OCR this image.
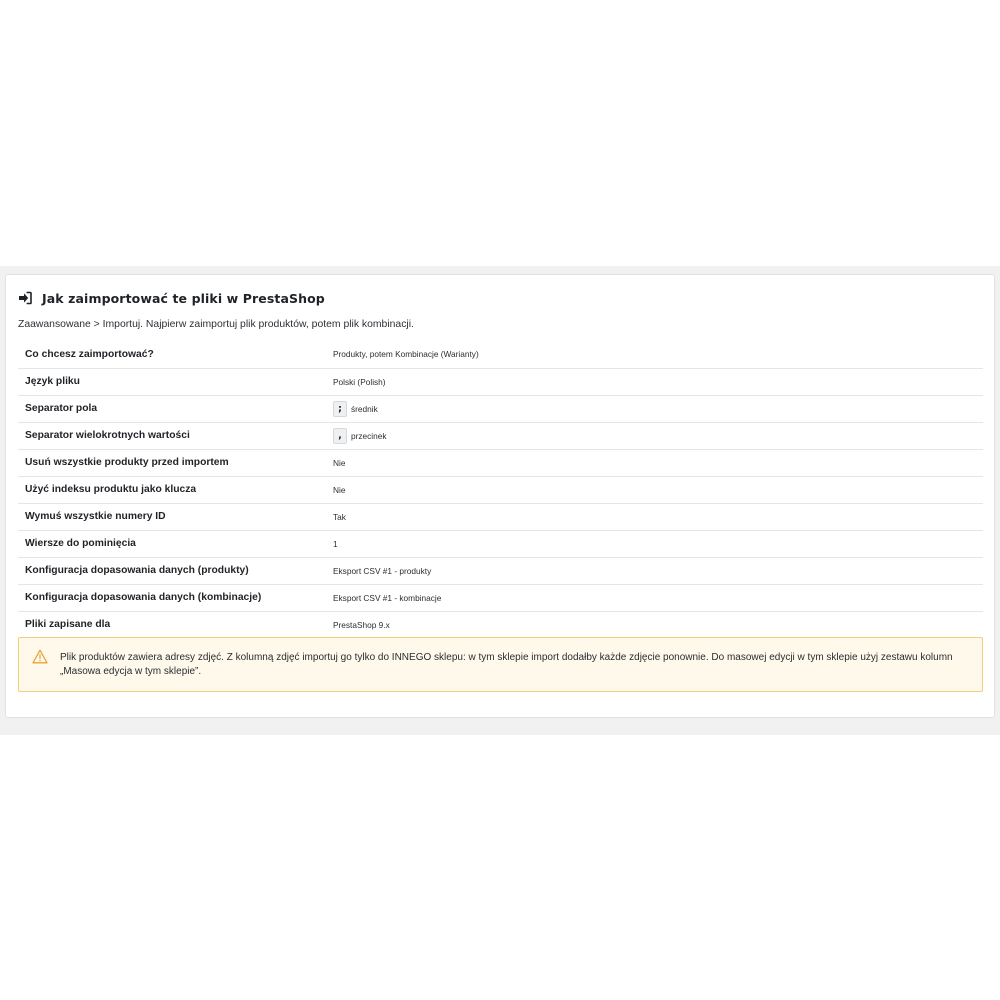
Jak zaimportować te pliki w PrestaShop
Zaawansowane > Importuj. Najpierw zaimportuj plik produktów, potem plik kombinacji.
Co chcesz zaimportować?	Produkty, potem Kombinacje (Warianty)
Język pliku	Polski (Polish)
Separator pola	; średnik

Separator wielokrotnych wartości	, przecinek

Usuń wszystkie produkty przed importem	Nie
Użyć indeksu produktu jako klucza	Nie
Wymuś wszystkie numery ID	Tak
Wiersze do pominięcia	1
Konfiguracja dopasowania danych (produkty)	Eksport CSV #1 - produkty
Konfiguracja dopasowania danych (kombinacje)	Eksport CSV #1 - kombinacje
Pliki zapisane dla	PrestaShop 9.x
Plik produktów zawiera adresy zdjęć. Z kolumną zdjęć importuj go tylko do INNEGO sklepu: w tym sklepie import dodałby każde zdjęcie ponownie. Do masowej edycji w tym sklepie użyj zestawu kolumn „Masowa edycja w tym sklepie”.
